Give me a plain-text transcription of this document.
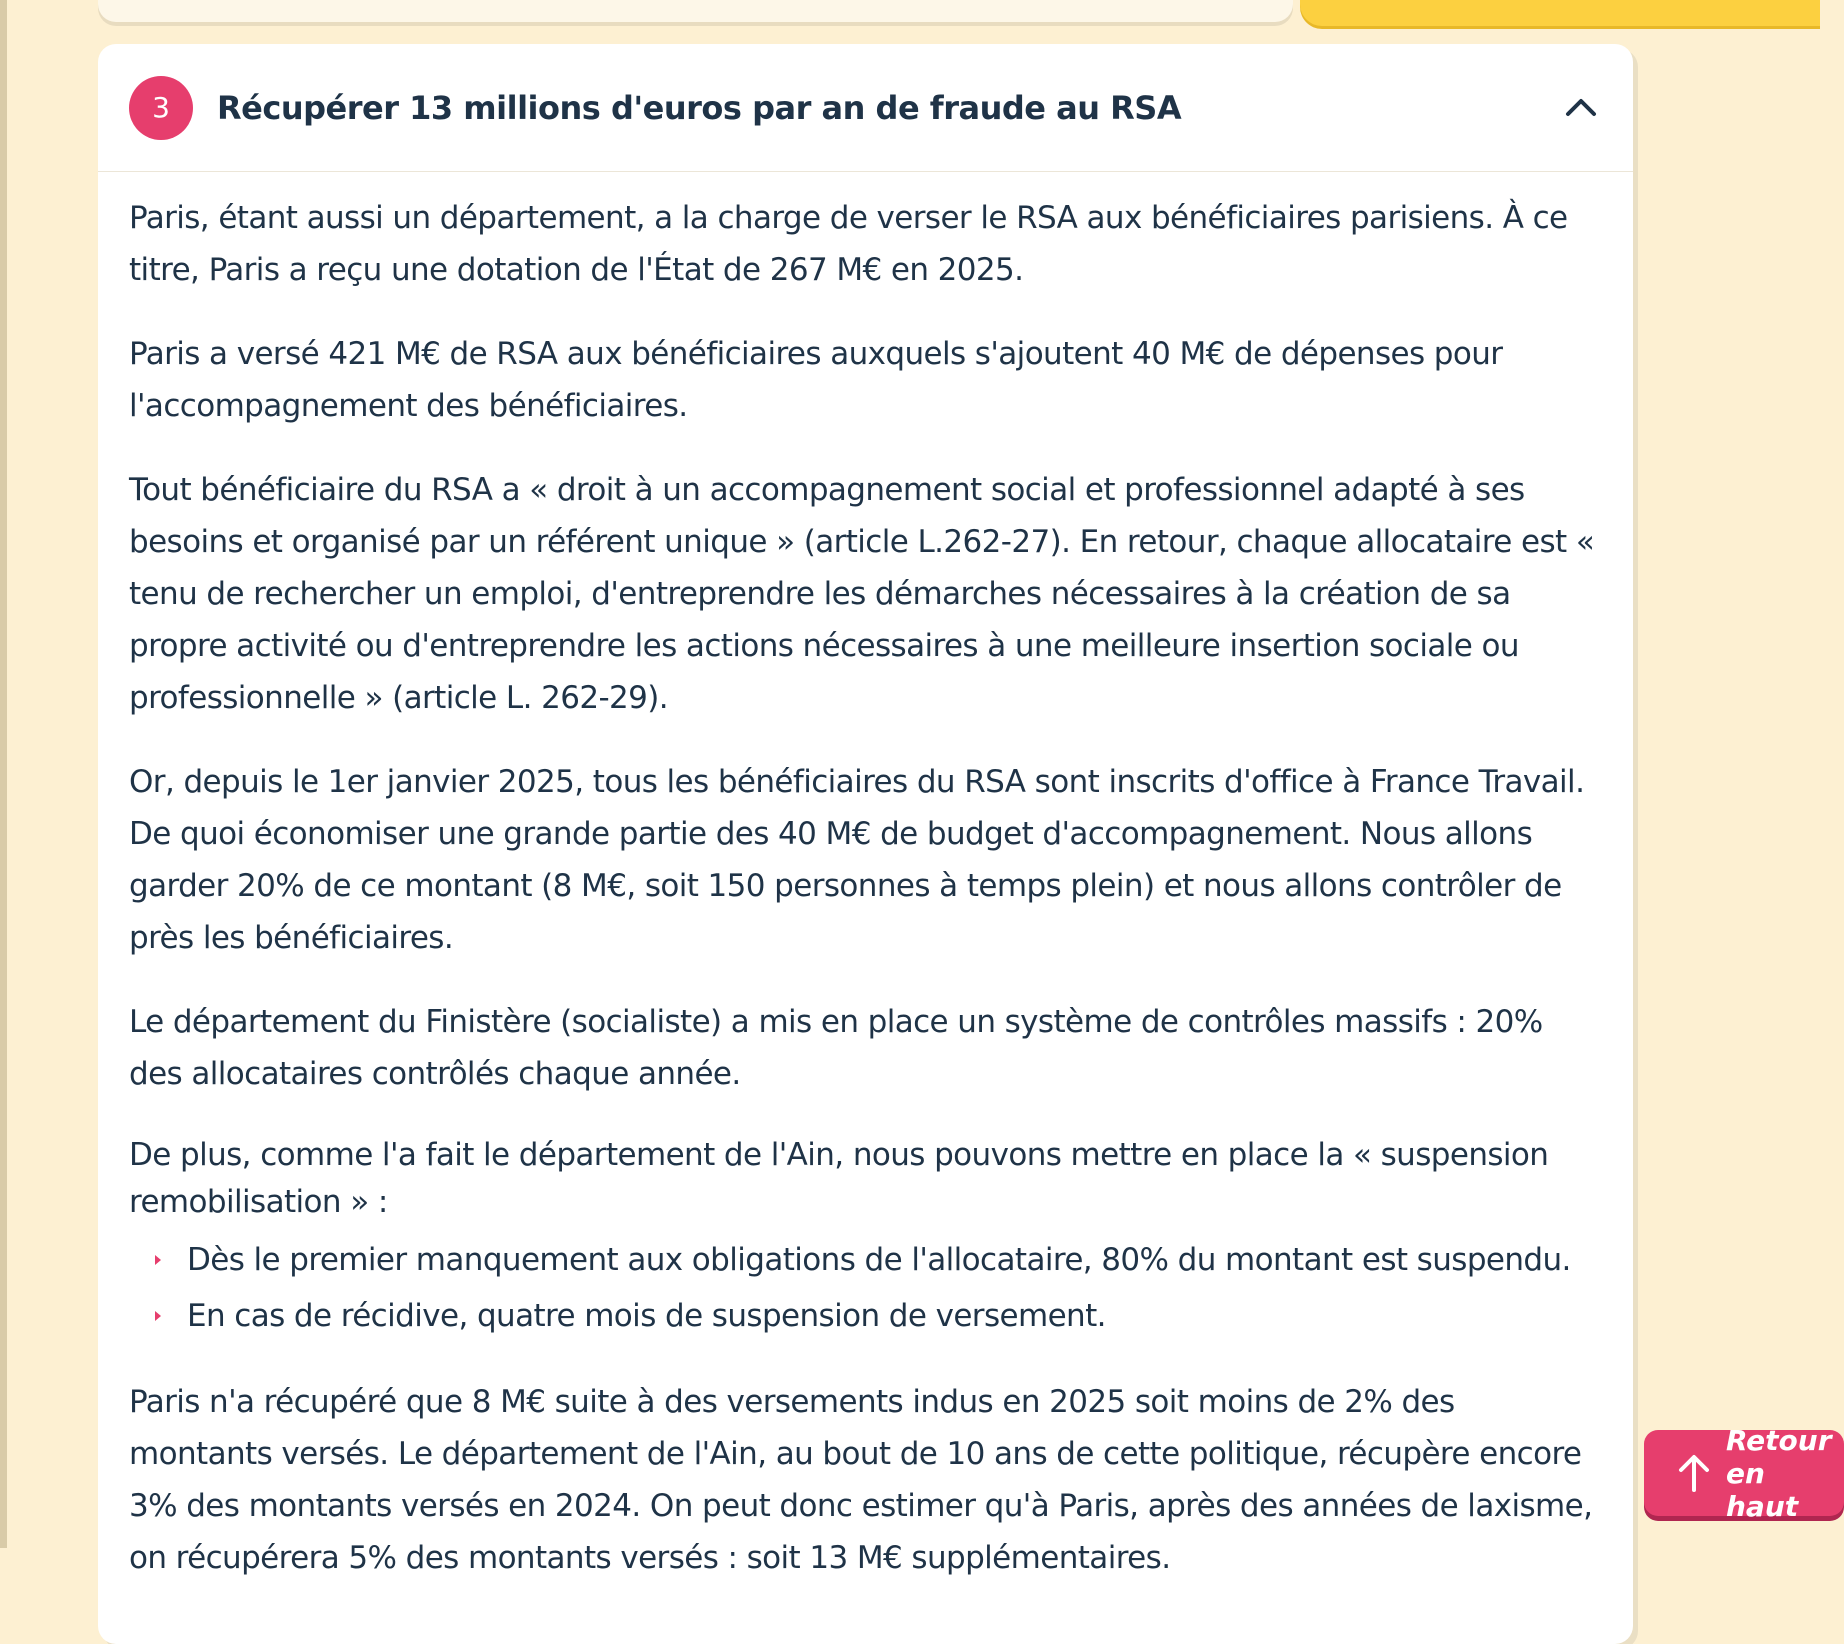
3	Récupérer 13 millions d'euros par an de fraude au RSA

Paris, étant aussi un département, a la charge de verser le RSA aux bénéficiaires parisiens. À ce titre, Paris a reçu une dotation de l'État de 267 M€ en 2025.

Paris a versé 421 M€ de RSA aux bénéficiaires auxquels s'ajoutent 40 M€ de dépenses pour l'accompagnement des bénéficiaires.

Tout bénéficiaire du RSA a « droit à un accompagnement social et professionnel adapté à ses besoins et organisé par un référent unique » (article L.262-27). En retour, chaque allocataire est « tenu de rechercher un emploi, d'entreprendre les démarches nécessaires à la création de sa propre activité ou d'entreprendre les actions nécessaires à une meilleure insertion sociale ou professionnelle » (article L. 262-29).

Or, depuis le 1er janvier 2025, tous les bénéficiaires du RSA sont inscrits d'office à France Travail. De quoi économiser une grande partie des 40 M€ de budget d'accompagnement. Nous allons garder 20% de ce montant (8 M€, soit 150 personnes à temps plein) et nous allons contrôler de près les bénéficiaires.

Le département du Finistère (socialiste) a mis en place un système de contrôles massifs : 20% des allocataires contrôlés chaque année.

De plus, comme l'a fait le département de l'Ain, nous pouvons mettre en place la « suspension remobilisation » :

Dès le premier manquement aux obligations de l'allocataire, 80% du montant est suspendu.
En cas de récidive, quatre mois de suspension de versement.

Paris n'a récupéré que 8 M€ suite à des versements indus en 2025 soit moins de 2% des montants versés. Le département de l'Ain, au bout de 10 ans de cette politique, récupère encore 3% des montants versés en 2024. On peut donc estimer qu'à Paris, après des années de laxisme, on récupérera 5% des montants versés : soit 13 M€ supplémentaires.

Retour en haut
